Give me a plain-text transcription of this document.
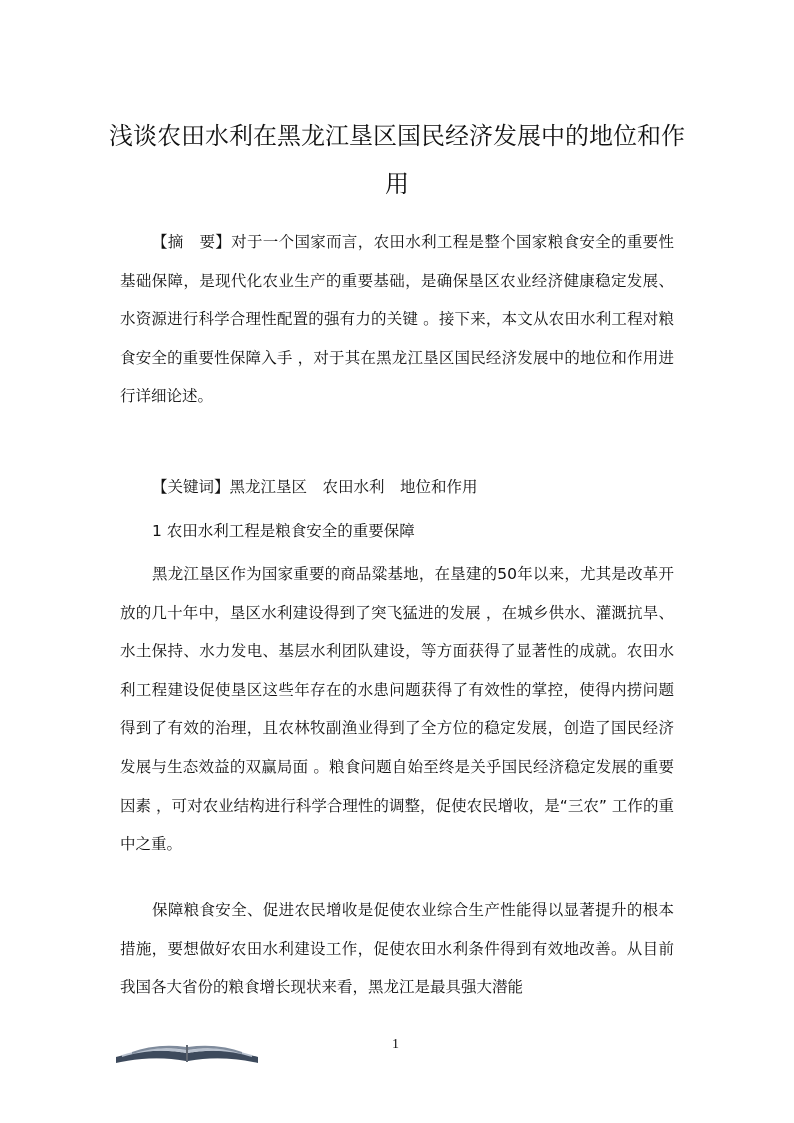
浅谈农田水利在黑龙江垦区国民经济发展中的地位和作用

【摘　要】对于一个国家而言，农田水利工程是整个国家粮食安全的重要性基础保障，是现代化农业生产的重要基础，是确保垦区农业经济健康稳定发展、水资源进行科学合理性配置的强有力的关键 。接下来，本文从农田水利工程对粮食安全的重要性保障入手 ，对于其在黑龙江垦区国民经济发展中的地位和作用进行详细论述。

【关键词】黑龙江垦区　农田水利　地位和作用

1 农田水利工程是粮食安全的重要保障

黑龙江垦区作为国家重要的商品粱基地，在垦建的50年以来，尤其是改革开放的几十年中，垦区水利建设得到了突飞猛进的发展 ，在城乡供水、灌溉抗旱、水土保持、水力发电、基层水利团队建设，等方面获得了显著性的成就。农田水利工程建设促使垦区这些年存在的水患问题获得了有效性的掌控，使得内捞问题得到了有效的治理，且农林牧副渔业得到了全方位的稳定发展，创造了国民经济发展与生态效益的双赢局面 。粮食问题自始至终是关乎国民经济稳定发展的重要因素 ，可对农业结构进行科学合理性的调整，促使农民增收，是“三农” 工作的重中之重。

保障粮食安全、促进农民增收是促使农业综合生产性能得以显著提升的根本措施，要想做好农田水利建设工作，促使农田水利条件得到有效地改善。从目前我国各大省份的粮食增长现状来看，黑龙江是最具强大潜能

1
